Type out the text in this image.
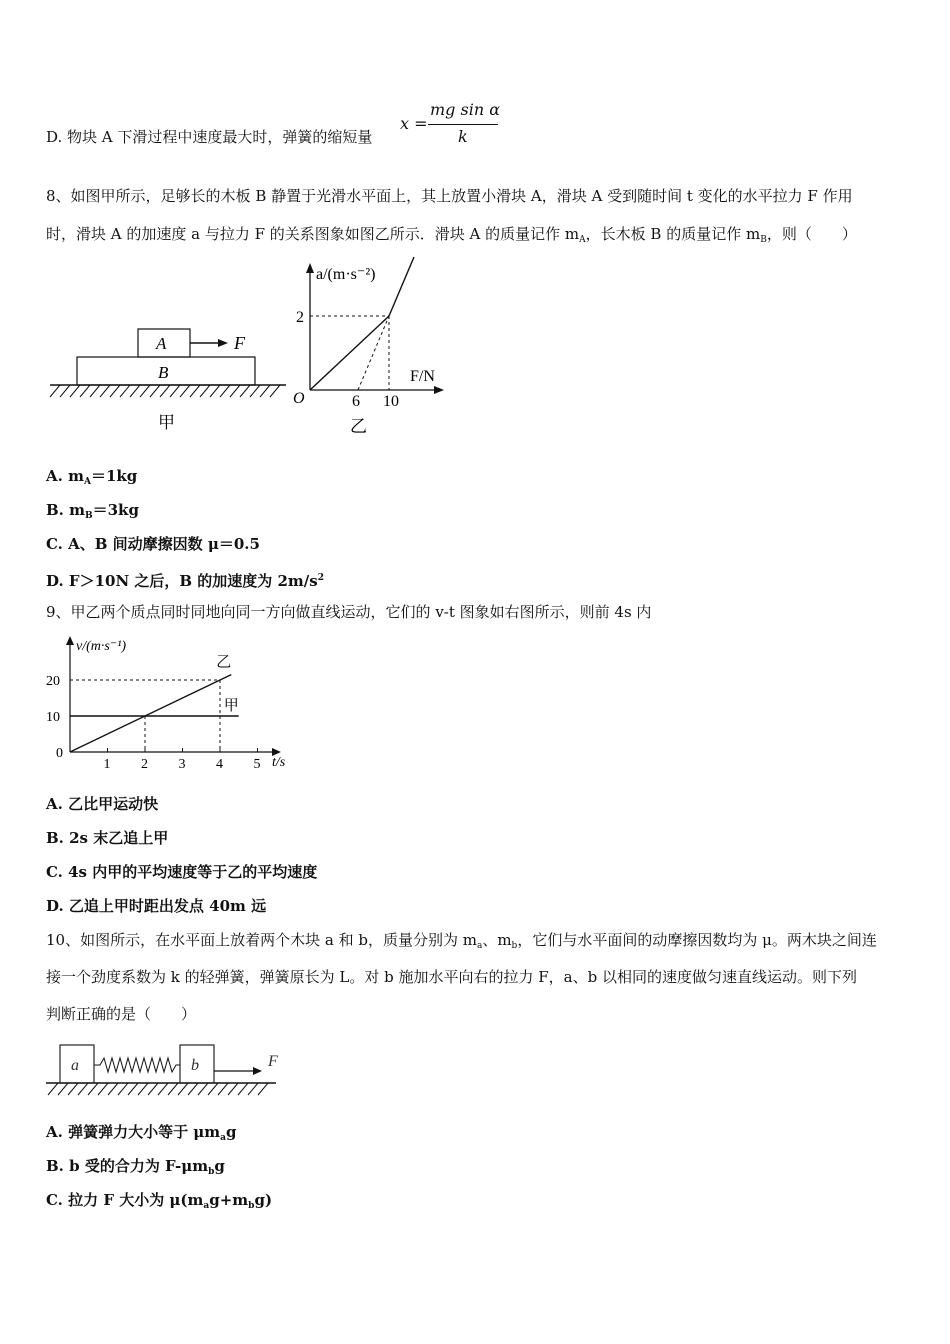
D. 物块 A 下滑过程中速度最大时，弹簧的缩短量
x =
mg sin α
k
8、如图甲所示，足够长的木板 B 静置于光滑水平面上，其上放置小滑块 A，滑块 A 受到随时间 t 变化的水平拉力 F 作用
时，滑块 A 的加速度 a 与拉力 F 的关系图象如图乙所示．滑块 A 的质量记作 $m_A$，长木板 B 的质量记作 $m_B$，则（　　）
A	F
B
甲
a/(m·s⁻²)
F/N
O
2
6 10
乙
A. $m_A=1kg$
B. $m_B=3kg$
C. A、B 间动摩擦因数 μ＝0.5
D. F＞10N 之后，B 的加速度为 $2m/s^2$
9、甲乙两个质点同时同地向同一方向做直线运动，它们的 v-t 图象如右图所示，则前 4s 内
v/(m·s⁻¹)
t/s
1 2 3 4 5
0
10
20
甲
乙
A. 乙比甲运动快
B. 2s 末乙追上甲
C. 4s 内甲的平均速度等于乙的平均速度
D. 乙追上甲时距出发点 40m 远
10、如图所示，在水平面上放着两个木块 a 和 b，质量分别为 $m_a$、$m_b$，它们与水平面间的动摩擦因数均为 μ。两木块之间连
接一个劲度系数为 k 的轻弹簧，弹簧原长为 L。对 b 施加水平向右的拉力 F，a、b 以相同的速度做匀速直线运动。则下列
判断正确的是（　　）
a	b	F
A. 弹簧弹力大小等于 $\mu m_ag$
B. b 受的合力为 $F-\mu m_bg$
C. 拉力 F 大小为 $\mu(m_ag+m_bg)$
